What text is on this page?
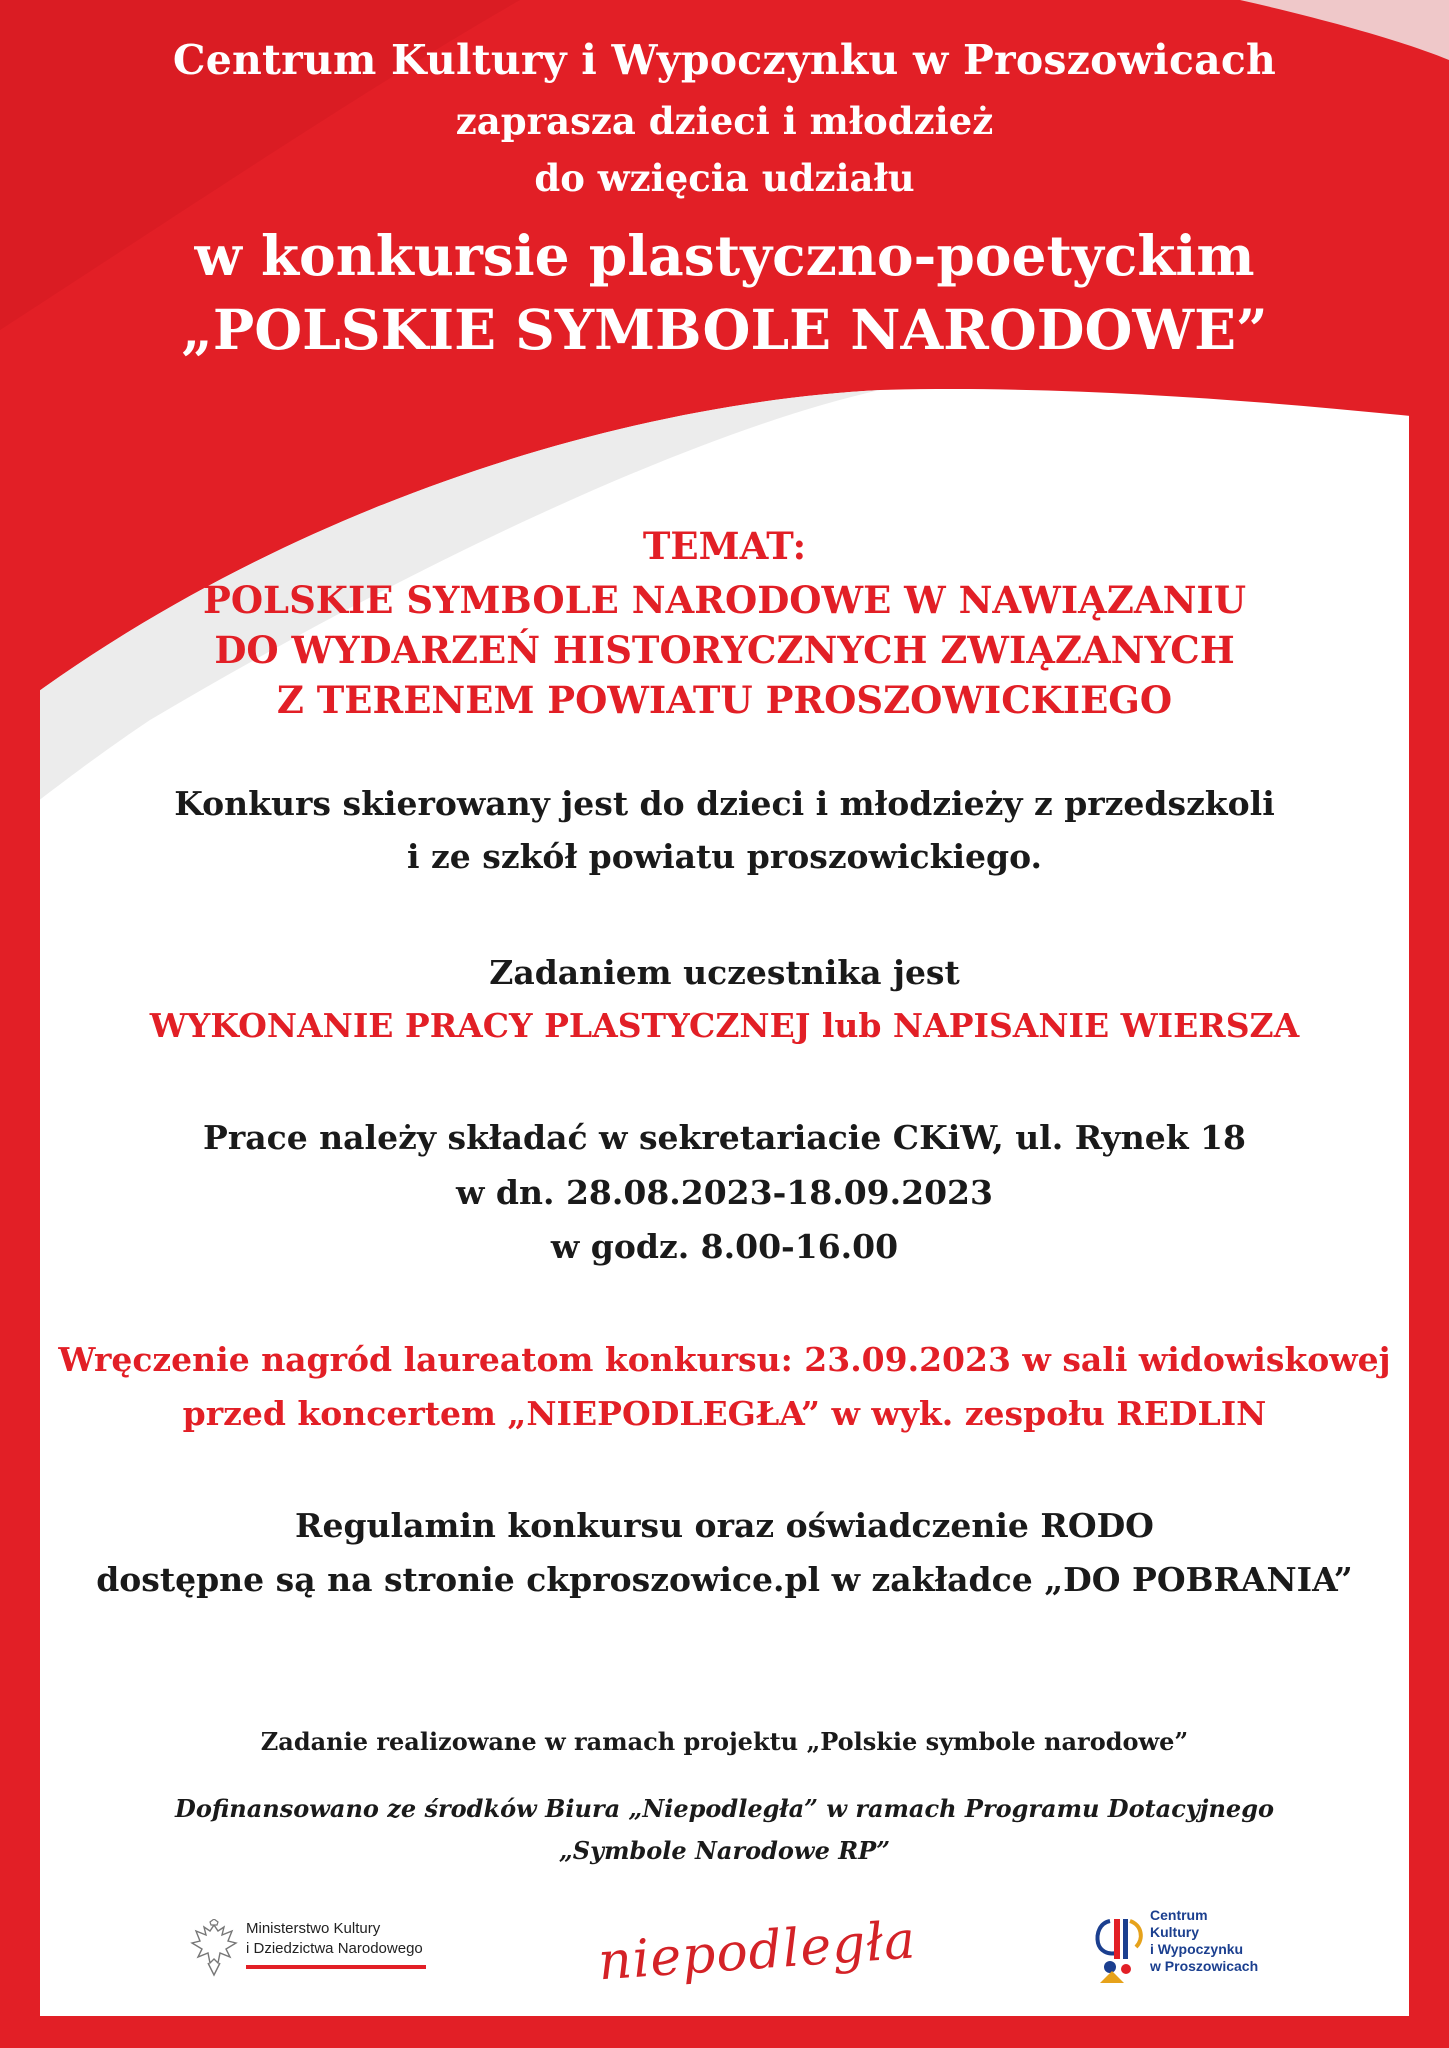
Centrum Kultury i Wypoczynku w Proszowicach
zaprasza dzieci i młodzież
do wzięcia udziału
w konkursie plastyczno-poetyckim
„POLSKIE SYMBOLE NARODOWE”
TEMAT:
POLSKIE SYMBOLE NARODOWE W NAWIĄZANIU
DO WYDARZEŃ HISTORYCZNYCH ZWIĄZANYCH
Z TERENEM POWIATU PROSZOWICKIEGO
Konkurs skierowany jest do dzieci i młodzieży z przedszkoli
i ze szkół powiatu proszowickiego.
Zadaniem uczestnika jest
WYKONANIE PRACY PLASTYCZNEJ lub NAPISANIE WIERSZA
Prace należy składać w sekretariacie CKiW, ul. Rynek 18
w dn. 28.08.2023-18.09.2023
w godz. 8.00-16.00
Wręczenie nagród laureatom konkursu: 23.09.2023 w sali widowiskowej
przed koncertem „NIEPODLEGŁA” w wyk. zespołu REDLIN
Regulamin konkursu oraz oświadczenie RODO
dostępne są na stronie ckproszowice.pl w zakładce „DO POBRANIA”
Zadanie realizowane w ramach projektu „Polskie symbole narodowe”
Dofinansowano ze środków Biura „Niepodległa” w ramach Programu Dotacyjnego
„Symbole Narodowe RP”
Ministerstwo Kultury
i Dziedzictwa Narodowego	niepodległa	Centrum
Kultury
i Wypoczynku
w Proszowicach
